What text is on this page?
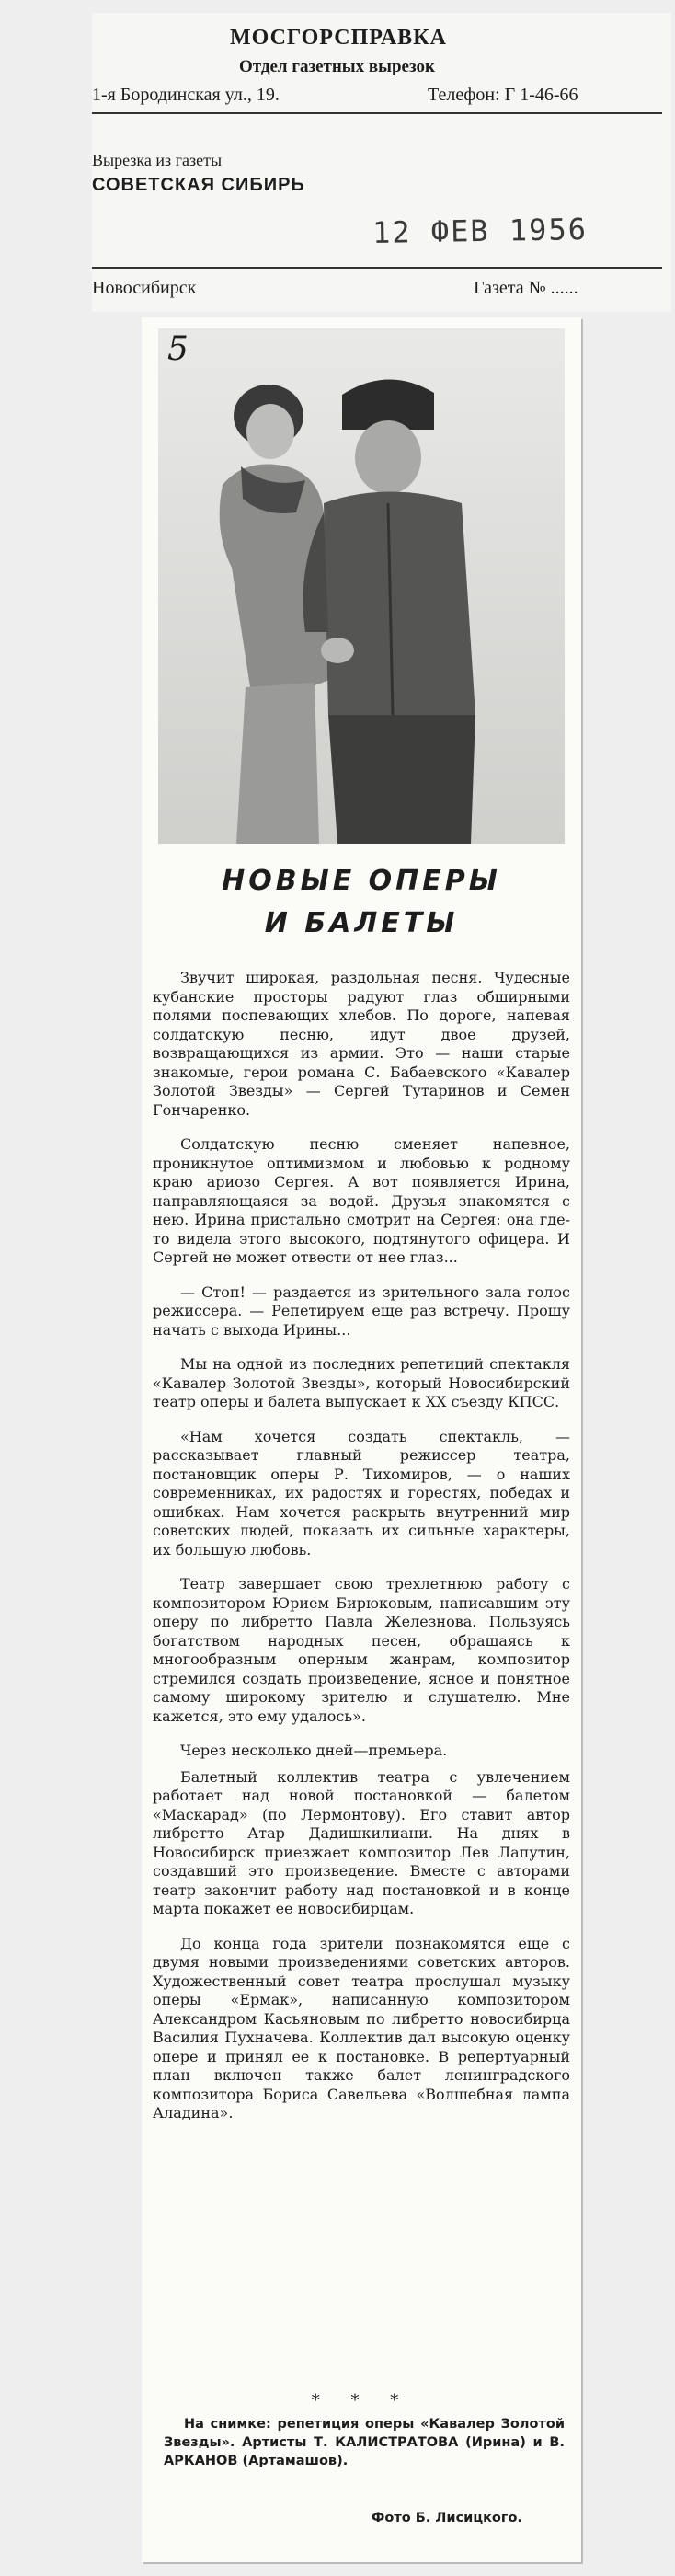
МОСГОРСПРАВКА
Отдел газетных вырезок
1-я Бородинская ул., 19.	Телефон: Г 1-46-66
Вырезка из газеты
СОВЕТСКАЯ СИБИРЬ
12 ФЕВ 1956
Новосибирск	Газета № ......
5
НОВЫЕ ОПЕРЫ
И БАЛЕТЫ

Звучит широкая, раздольная песня. Чудесные кубанские просторы радуют глаз обширными полями поспевающих хлебов. По дороге, напевая солдатскую песню, идут двое друзей, возвращающихся из армии. Это — наши старые знакомые, герои романа С. Бабаевского «Кавалер Золотой Звезды» — Сергей Тутаринов и Семен Гончаренко.

Солдатскую песню сменяет напевное, проникнутое оптимизмом и любовью к родному краю ариозо Сергея. А вот появляется Ирина, направляющаяся за водой. Друзья знакомятся с нею. Ирина пристально смотрит на Сергея: она где-то видела этого высокого, подтянутого офицера. И Сергей не может отвести от нее глаз...

— Стоп! — раздается из зрительного зала голос режиссера. — Репетируем еще раз встречу. Прошу начать с выхода Ирины...

Мы на одной из последних репетиций спектакля «Кавалер Золотой Звезды», который Новосибирский театр оперы и балета выпускает к XX съезду КПСС.

«Нам хочется создать спектакль, — рассказывает главный режиссер театра, постановщик оперы Р. Тихомиров, — о наших современниках, их радостях и горестях, победах и ошибках. Нам хочется раскрыть внутренний мир советских людей, показать их сильные характеры, их большую любовь.

Театр завершает свою трехлетнюю работу с композитором Юрием Бирюковым, написавшим эту оперу по либретто Павла Железнова. Пользуясь богатством народных песен, обращаясь к многообразным оперным жанрам, композитор стремился создать произведение, ясное и понятное самому широкому зрителю и слушателю. Мне кажется, это ему удалось».

Через несколько дней—премьера.

Балетный коллектив театра с увлечением работает над новой постановкой — балетом «Маскарад» (по Лермонтову). Его ставит автор либретто Атар Дадишкилиани. На днях в Новосибирск приезжает композитор Лев Лапутин, создавший это произведение. Вместе с авторами театр закончит работу над постановкой и в конце марта покажет ее новосибирцам.

До конца года зрители познакомятся еще с двумя новыми произведениями советских авторов. Художественный совет театра прослушал музыку оперы «Ермак», написанную композитором Александром Касьяновым по либретто новосибирца Василия Пухначева. Коллектив дал высокую оценку опере и принял ее к постановке. В репертуарный план включен также балет ленинградского композитора Бориса Савельева «Волшебная лампа Аладина».

* * *
На снимке: репетиция оперы «Кавалер Золотой Звезды». Артисты Т. КАЛИСТРАТОВА (Ирина) и В. АРКАНОВ (Артамашов).
Фото Б. Лисицкого.
